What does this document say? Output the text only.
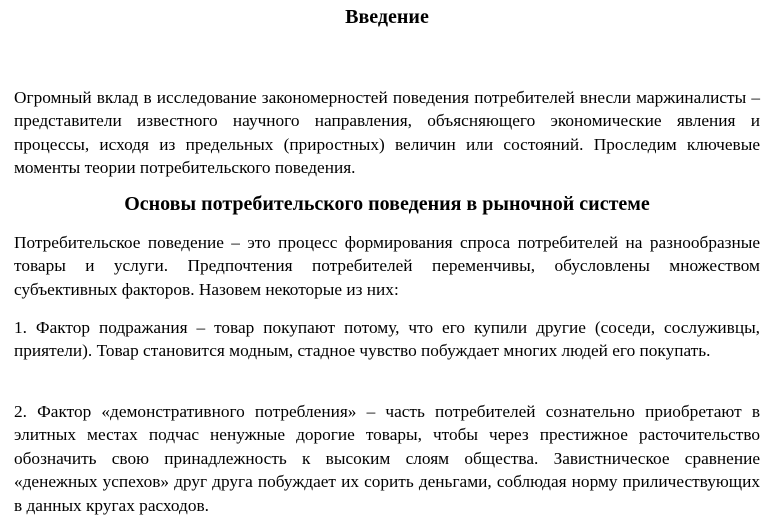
Введение

Огромный вклад в исследование закономерностей поведения потребителей внесли маржиналисты – представители известного научного направления, объясняющего экономические явления и процессы, исходя из предельных (приростных) величин или состояний. Проследим ключевые моменты теории потребительского поведения.

Основы потребительского поведения в рыночной системе

Потребительское поведение – это процесс формирования спроса потребителей на разнообразные товары и услуги. Предпочтения потребителей переменчивы, обусловлены множеством субъективных факторов. Назовем некоторые из них:

1. Фактор подражания – товар покупают потому, что его купили другие (соседи, сослуживцы, приятели). Товар становится модным, стадное чувство побуждает многих людей его покупать.

2. Фактор «демонстративного потребления» – часть потребителей сознательно приобретают в элитных местах подчас ненужные дорогие товары, чтобы через престижное расточительство обозначить свою принадлежность к высоким слоям общества. Завистническое сравнение «денежных успехов» друг друга побуждает их сорить деньгами, соблюдая норму приличествующих в данных кругах расходов.
